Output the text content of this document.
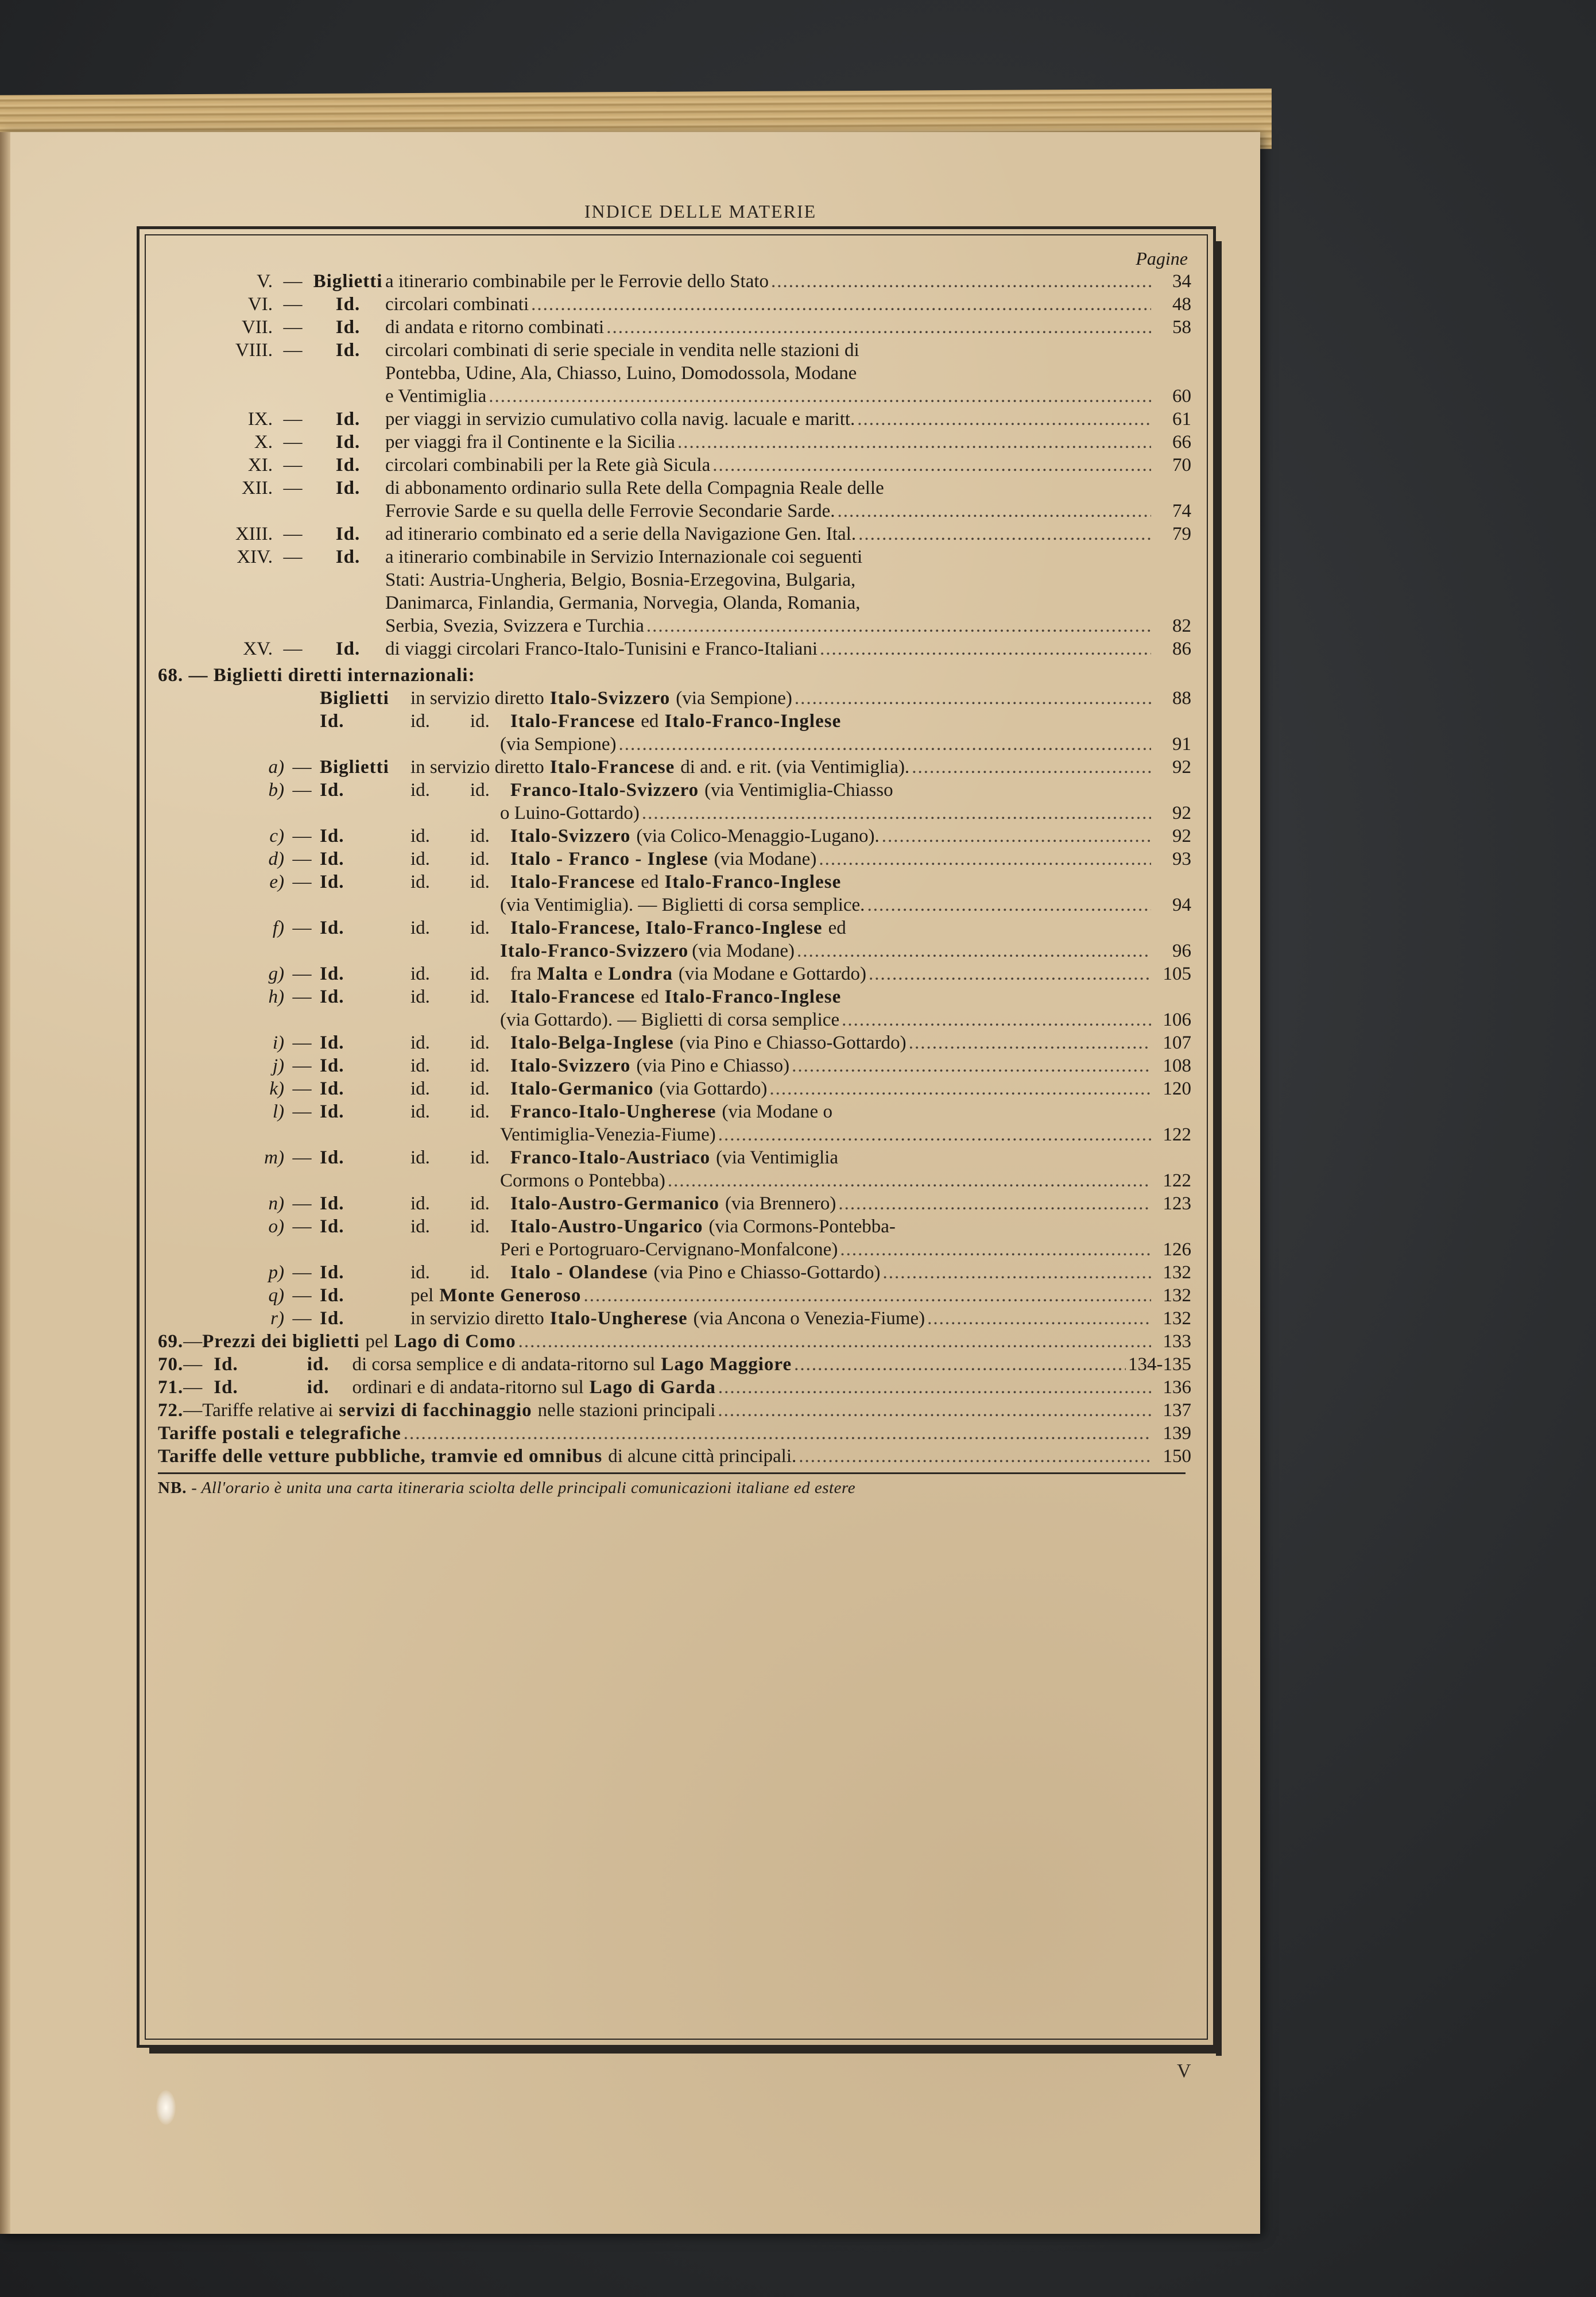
INDICE DELLE MATERIE
Pagine
V. — Biglietti a itinerario combinabile per le Ferrovie dello Stato
.....	34
VI. —	Id.	circolari combinati
.....	48
VII. —	Id.	di andata e ritorno combinati
.....	58
VIII. —	Id.	circolari combinati di serie speciale in vendita nelle stazioni di
Pontebba, Udine, Ala, Chiasso, Luino, Domodossola, Modane
e Ventimiglia
.....	60
IX. —	Id.	per viaggi in servizio cumulativo colla navig. lacuale e maritt.
.....	61
X. —	Id.	per viaggi fra il Continente e la Sicilia
.....	66
XI. —	Id.	circolari combinabili per la Rete già Sicula
.....	70
XII. —	Id.	di abbonamento ordinario sulla Rete della Compagnia Reale delle
Ferrovie Sarde e su quella delle Ferrovie Secondarie Sarde.
.....	74
XIII. —	Id.	ad itinerario combinato ed a serie della Navigazione Gen. Ital.
.....	79
XIV. —	Id.	a itinerario combinabile in Servizio Internazionale coi seguenti
Stati: Austria-Ungheria, Belgio, Bosnia-Erzegovina, Bulgaria,
Danimarca, Finlandia, Germania, Norvegia, Olanda, Romania,
Serbia, Svezia, Svizzera e Turchia
.....	82
XV. —	Id.	di viaggi circolari Franco-Italo-Tunisini e Franco-Italiani
.....	86
68. — Biglietti diretti internazionali:
Biglietti in servizio diretto Italo-Svizzero (via Sempione)
.....	88
Id.	id. id. Italo-Francese ed Italo-Franco-Inglese
(via Sempione)
.....	91
a) — Biglietti in servizio diretto Italo-Francese di and. e rit. (via Ventimiglia).
.....	92
b) — Id.	id. id. Franco-Italo-Svizzero (via Ventimiglia-Chiasso
o Luino-Gottardo)
.....	92
c) — Id.	id. id. Italo-Svizzero (via Colico-Menaggio-Lugano).
.....	92
d) — Id.	id. id. Italo - Franco - Inglese (via Modane)
.....	93
e) — Id.	id. id. Italo-Francese ed Italo-Franco-Inglese
(via Ventimiglia). — Biglietti di corsa semplice.
.....	94
f) — Id.	id. id. Italo-Francese, Italo-Franco-Inglese ed
Italo-Franco-Svizzero (via Modane)
.....	96
g) — Id.	id. id. fra Malta e Londra (via Modane e Gottardo)
.....	105
h) — Id.	id. id. Italo-Francese ed Italo-Franco-Inglese
(via Gottardo). — Biglietti di corsa semplice
.....	106
i) — Id.	id. id. Italo-Belga-Inglese (via Pino e Chiasso-Gottardo)
.....	107
j) — Id.	id. id. Italo-Svizzero (via Pino e Chiasso)
.....	108
k) — Id.	id. id. Italo-Germanico (via Gottardo)
.....	120
l) — Id.	id. id. Franco-Italo-Ungherese (via Modane o
Ventimiglia-Venezia-Fiume)
.....	122
m) — Id.	id. id. Franco-Italo-Austriaco (via Ventimiglia
Cormons o Pontebba)
.....	122
n) — Id.	id. id. Italo-Austro-Germanico (via Brennero)
.....	123
o) — Id.	id. id. Italo-Austro-Ungarico (via Cormons-Pontebba-
Peri e Portogruaro-Cervignano-Monfalcone)
.....	126
p) — Id.	id. id. Italo - Olandese (via Pino e Chiasso-Gottardo)
.....	132
q) — Id.	pel Monte Generoso
.....	132
r) — Id.	in servizio diretto Italo-Ungherese (via Ancona o Venezia-Fiume)
.....	132
69. — Prezzi dei biglietti pel Lago di Como
.....	133
70. — Id.	id. di corsa semplice e di andata-ritorno sul Lago Maggiore
.....	134-135
71. — Id.	id. ordinari e di andata-ritorno sul Lago di Garda
.....	136
72. — Tariffe relative ai servizi di facchinaggio nelle stazioni principali
.....	137
Tariffe postali e telegrafiche
.....	139
Tariffe delle vetture pubbliche, tramvie ed omnibus di alcune città principali.
.....	150
NB. - All'orario è unita una carta itineraria sciolta delle principali comunicazioni italiane ed estere
V
